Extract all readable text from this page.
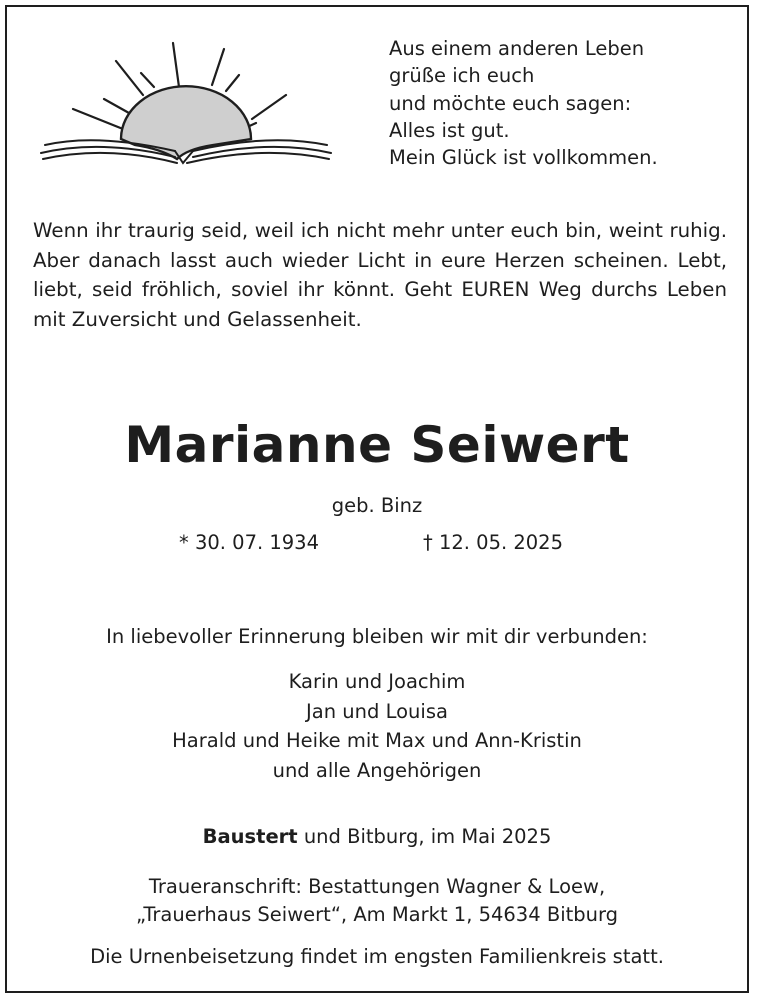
Aus einem anderen Leben
grüße ich euch
und möchte euch sagen:
Alles ist gut.
Mein Glück ist vollkommen.
Wenn ihr traurig seid, weil ich nicht mehr unter euch bin, weint ruhig. Aber danach lasst auch wieder Licht in eure Herzen scheinen. Lebt, liebt, seid fröhlich, soviel ihr könnt. Geht EUREN Weg durchs Leben mit Zuversicht und Gelassenheit.
Marianne Seiwert
geb. Binz
* 30. 07. 1934	† 12. 05. 2025
In liebevoller Erinnerung bleiben wir mit dir verbunden:
Karin und Joachim
Jan und Louisa
Harald und Heike mit Max und Ann-Kristin
und alle Angehörigen
Baustert und Bitburg, im Mai 2025
Traueranschrift: Bestattungen Wagner & Loew,
„Trauerhaus Seiwert“, Am Markt 1, 54634 Bitburg
Die Urnenbeisetzung findet im engsten Familienkreis statt.
